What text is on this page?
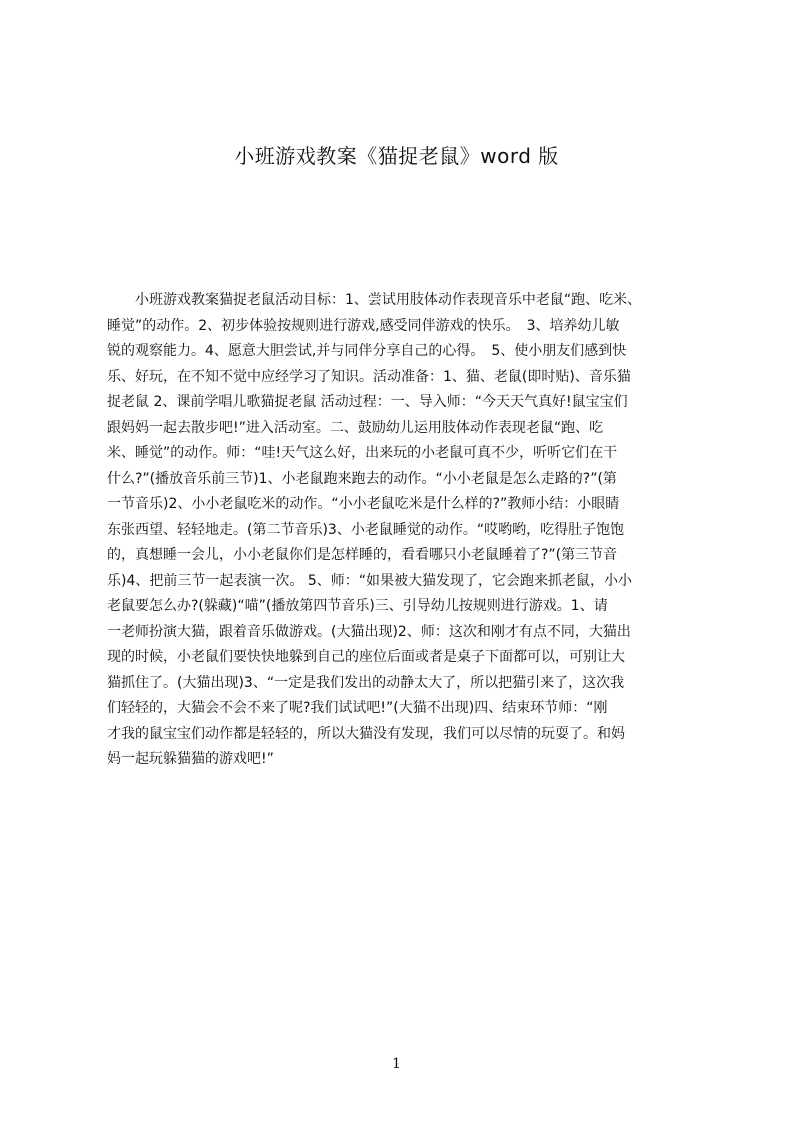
小班游戏教案《猫捉老鼠》word 版
　　小班游戏教案猫捉老鼠活动目标：1、尝试用肢体动作表现音乐中老鼠“跑、吃米、
睡觉”的动作。2、初步体验按规则进行游戏,感受同伴游戏的快乐。　3、培养幼儿敏
锐的观察能力。4、愿意大胆尝试,并与同伴分享自己的心得。　5、使小朋友们感到快
乐、好玩，在不知不觉中应经学习了知识。活动准备：1、猫、老鼠(即时贴)、音乐猫
捉老鼠 2、课前学唱儿歌猫捉老鼠 活动过程：一、导入师：“今天天气真好!鼠宝宝们
跟妈妈一起去散步吧!”进入活动室。二、鼓励幼儿运用肢体动作表现老鼠“跑、吃
米、睡觉”的动作。师：“哇!天气这么好，出来玩的小老鼠可真不少，听听它们在干
什么?”(播放音乐前三节)1、小老鼠跑来跑去的动作。“小小老鼠是怎么走路的?”(第
一节音乐)2、小小老鼠吃米的动作。“小小老鼠吃米是什么样的?”教师小结：小眼睛
东张西望、轻轻地走。(第二节音乐)3、小老鼠睡觉的动作。“哎哟哟，吃得肚子饱饱
的，真想睡一会儿，小小老鼠你们是怎样睡的，看看哪只小老鼠睡着了?”(第三节音
乐)4、把前三节一起表演一次。 5、师：“如果被大猫发现了，它会跑来抓老鼠，小小
老鼠要怎么办?(躲藏)“喵”(播放第四节音乐)三、引导幼儿按规则进行游戏。1、请
一老师扮演大猫，跟着音乐做游戏。(大猫出现)2、师：这次和刚才有点不同，大猫出
现的时候，小老鼠们要快快地躲到自己的座位后面或者是桌子下面都可以，可别让大
猫抓住了。(大猫出现)3、“一定是我们发出的动静太大了，所以把猫引来了，这次我
们轻轻的，大猫会不会不来了呢?我们试试吧!”(大猫不出现)四、结束环节师：“刚
才我的鼠宝宝们动作都是轻轻的，所以大猫没有发现，我们可以尽情的玩耍了。和妈
妈一起玩躲猫猫的游戏吧!”
1
